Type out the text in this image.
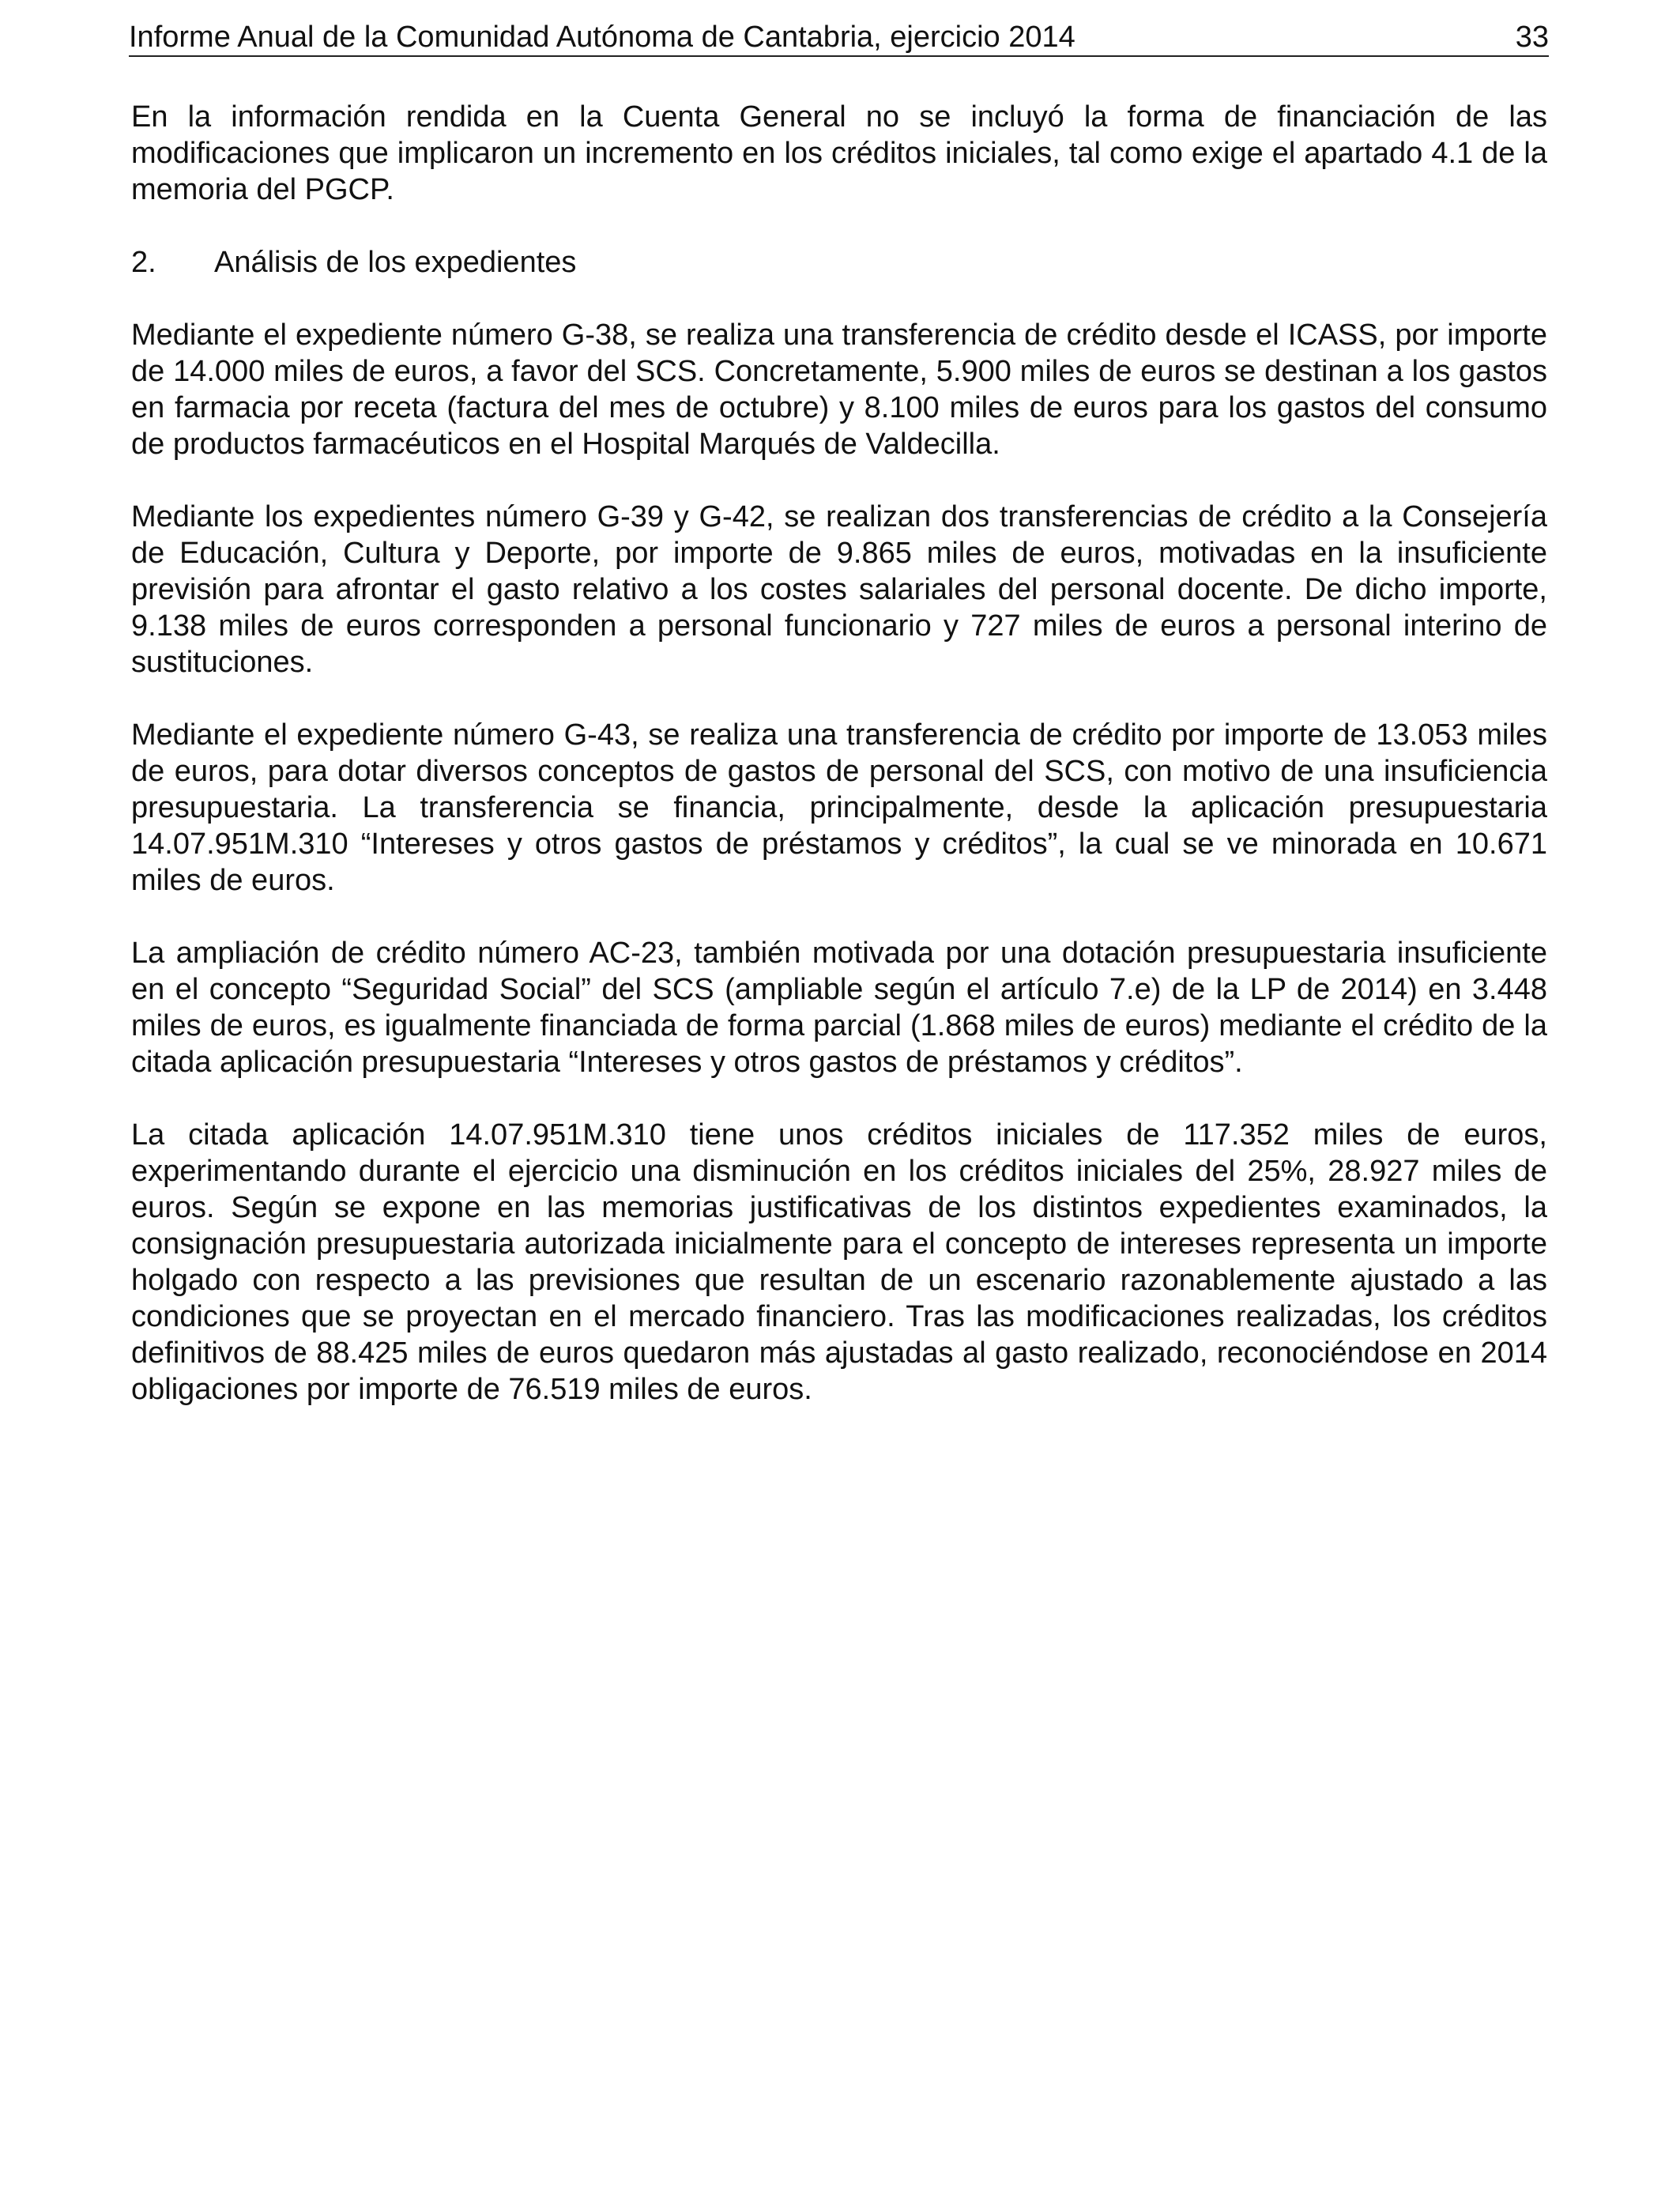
Informe Anual de la Comunidad Autónoma de Cantabria, ejercicio 2014	33

En la información rendida en la Cuenta General no se incluyó la forma de financiación de las modificaciones que implicaron un incremento en los créditos iniciales, tal como exige el apartado 4.1 de la memoria del PGCP.

2.	Análisis de los expedientes

Mediante el expediente número G-38, se realiza una transferencia de crédito desde el ICASS, por importe de 14.000 miles de euros, a favor del SCS. Concretamente, 5.900 miles de euros se destinan a los gastos en farmacia por receta (factura del mes de octubre) y 8.100 miles de euros para los gastos del consumo de productos farmacéuticos en el Hospital Marqués de Valdecilla.

Mediante los expedientes número G-39 y G-42, se realizan dos transferencias de crédito a la Consejería de Educación, Cultura y Deporte, por importe de 9.865 miles de euros, motivadas en la insuficiente previsión para afrontar el gasto relativo a los costes salariales del personal docente. De dicho importe, 9.138 miles de euros corresponden a personal funcionario y 727 miles de euros a personal interino de sustituciones.

Mediante el expediente número G-43, se realiza una transferencia de crédito por importe de 13.053 miles de euros, para dotar diversos conceptos de gastos de personal del SCS, con motivo de una insuficiencia presupuestaria. La transferencia se financia, principalmente, desde la aplicación presupuestaria 14.07.951M.310 “Intereses y otros gastos de préstamos y créditos”, la cual se ve minorada en 10.671 miles de euros.

La ampliación de crédito número AC-23, también motivada por una dotación presupuestaria insuficiente en el concepto “Seguridad Social” del SCS (ampliable según el artículo 7.e) de la LP de 2014) en 3.448 miles de euros, es igualmente financiada de forma parcial (1.868 miles de euros) mediante el crédito de la citada aplicación presupuestaria “Intereses y otros gastos de préstamos y créditos”.

La citada aplicación 14.07.951M.310 tiene unos créditos iniciales de 117.352 miles de euros, experimentando durante el ejercicio una disminución en los créditos iniciales del 25%, 28.927 miles de euros. Según se expone en las memorias justificativas de los distintos expedientes examinados, la consignación presupuestaria autorizada inicialmente para el concepto de intereses representa un importe holgado con respecto a las previsiones que resultan de un escenario razonablemente ajustado a las condiciones que se proyectan en el mercado financiero. Tras las modificaciones realizadas, los créditos definitivos de 88.425 miles de euros quedaron más ajustadas al gasto realizado, reconociéndose en 2014 obligaciones por importe de 76.519 miles de euros.
